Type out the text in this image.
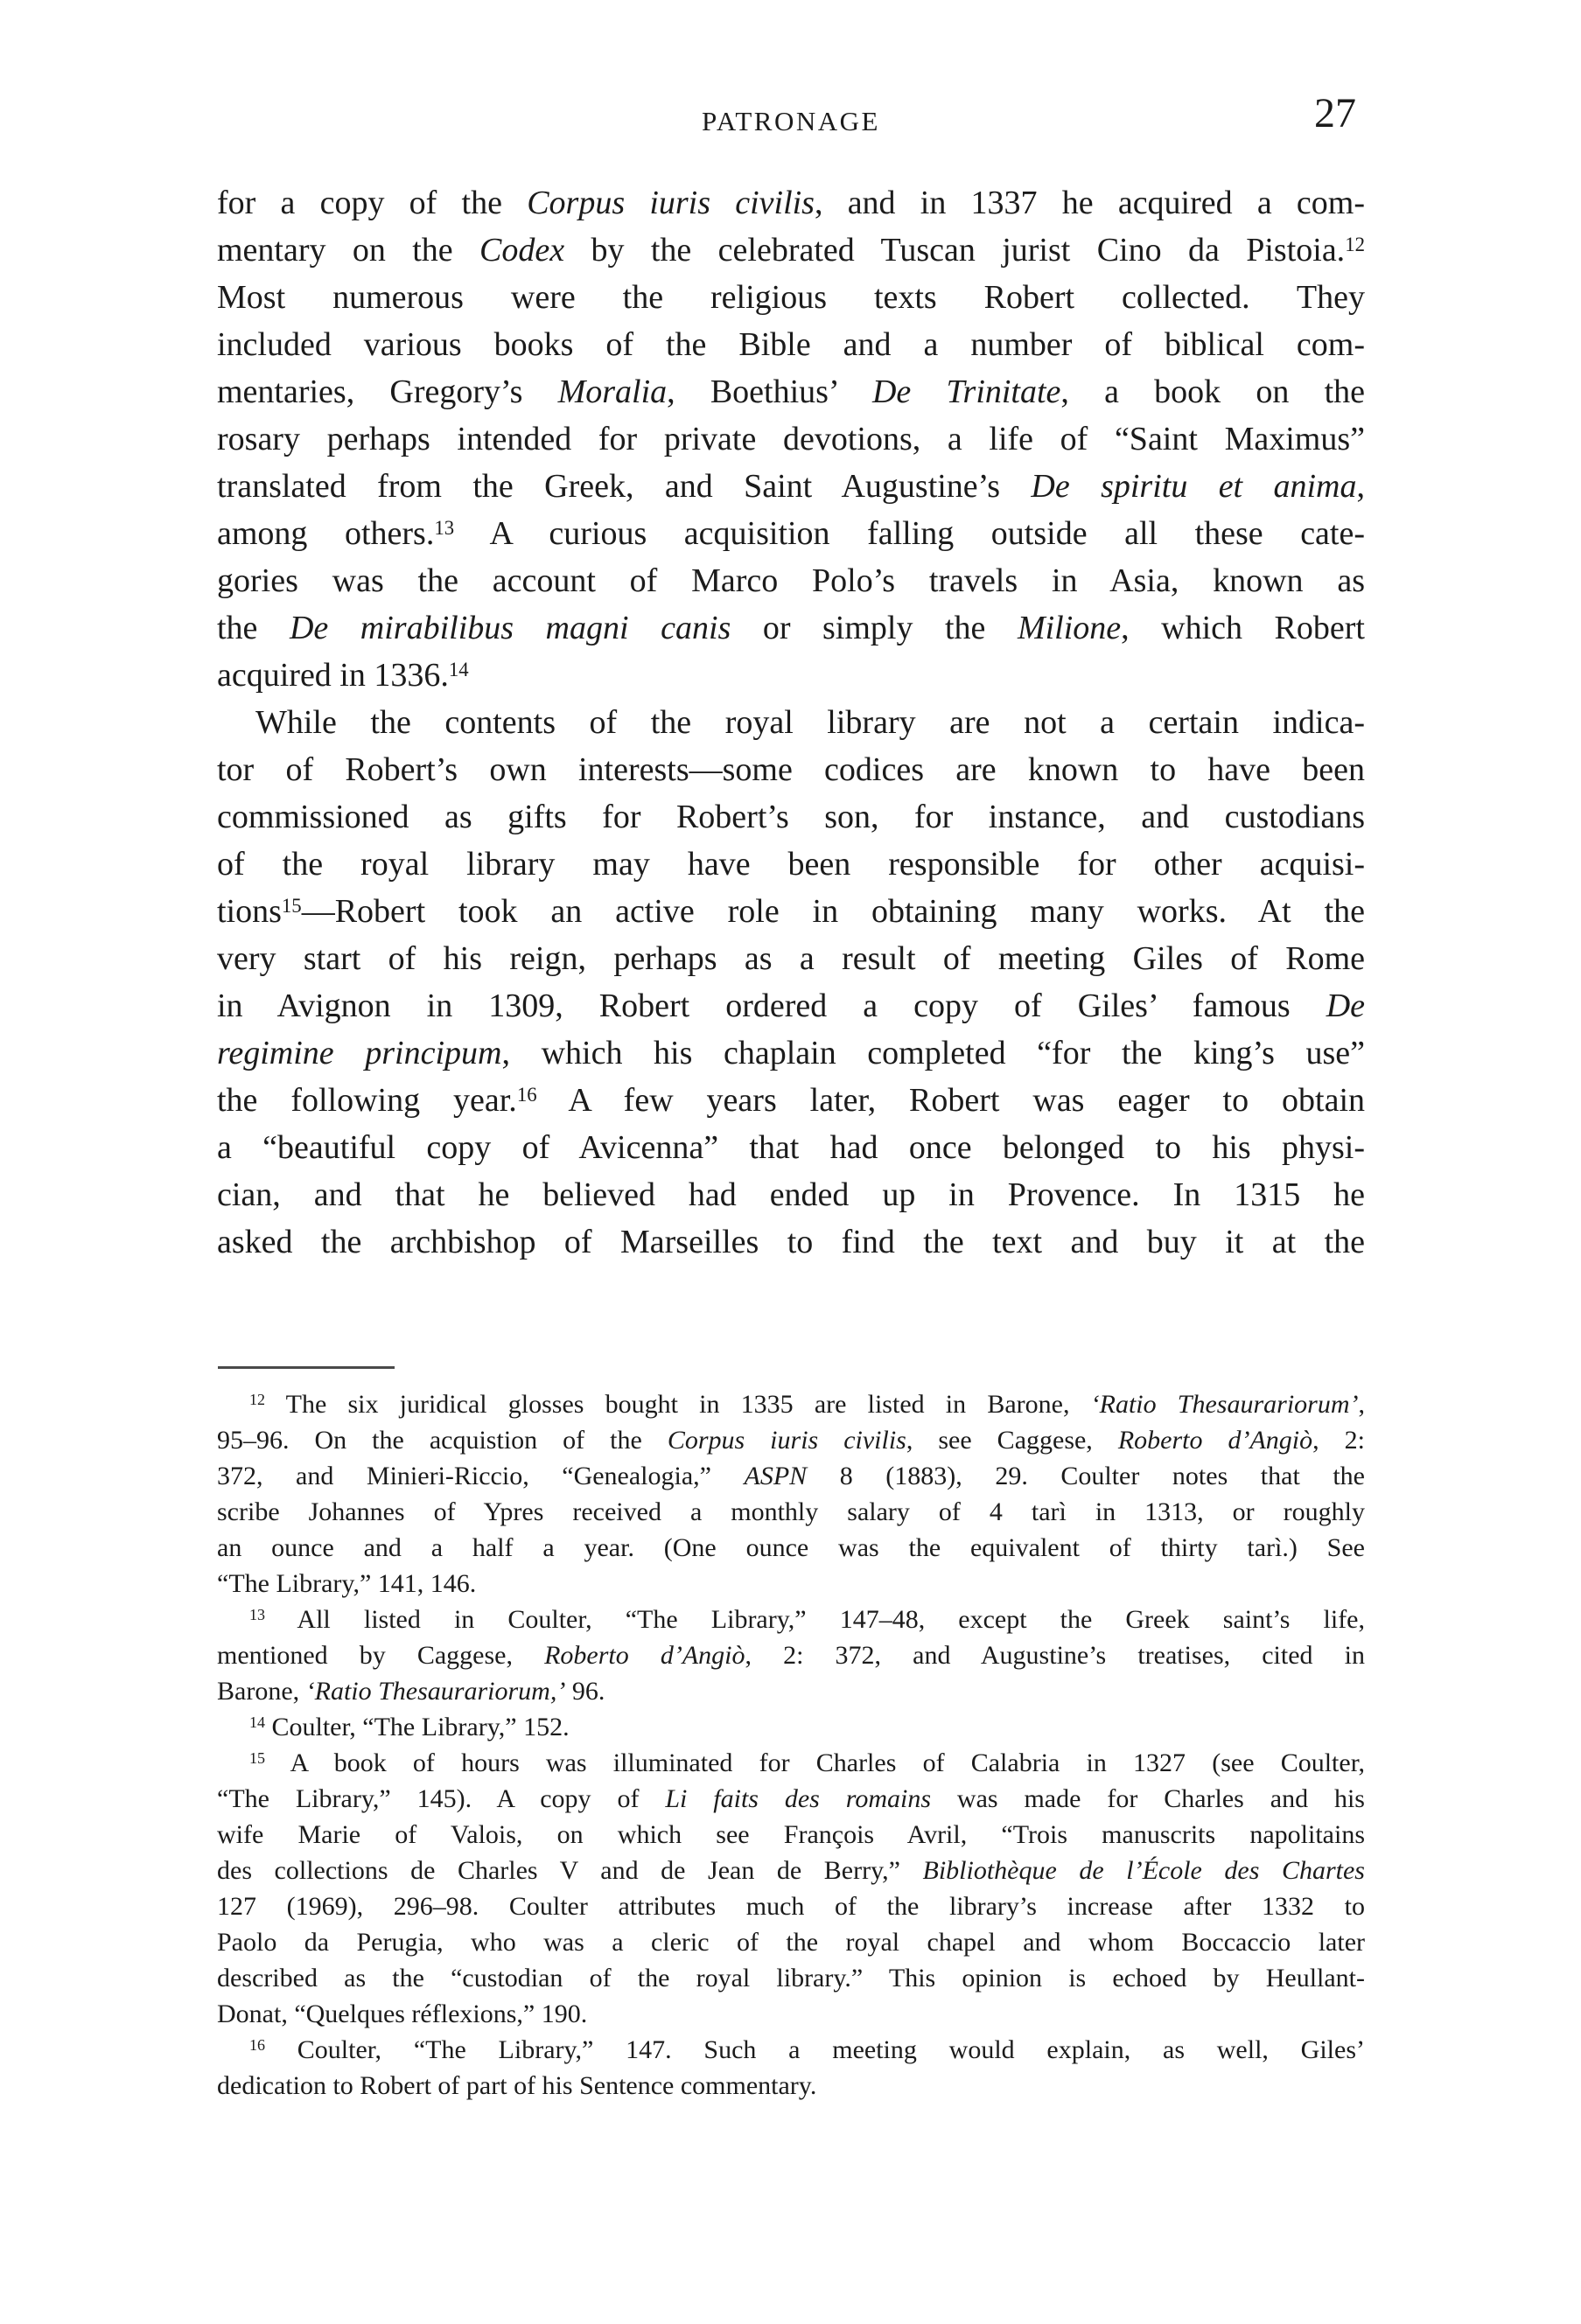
PATRONAGE	27
for a copy of the Corpus iuris civilis, and in 1337 he acquired a com-
mentary on the Codex by the celebrated Tuscan jurist Cino da Pistoia.$^{12}$
Most numerous were the religious texts Robert collected. They
included various books of the Bible and a number of biblical com-
mentaries, Gregory’s Moralia, Boethius’ De Trinitate, a book on the
rosary perhaps intended for private devotions, a life of “Saint Maximus”
translated from the Greek, and Saint Augustine’s De spiritu et anima,
among others.$^{13}$ A curious acquisition falling outside all these cate-
gories was the account of Marco Polo’s travels in Asia, known as
the De mirabilibus magni canis or simply the Milione, which Robert
acquired in 1336.14
While the contents of the royal library are not a certain indica-
tor of Robert’s own interests—some codices are known to have been
commissioned as gifts for Robert’s son, for instance, and custodians
of the royal library may have been responsible for other acquisi-
tions$^{15}$—Robert took an active role in obtaining many works. At the
very start of his reign, perhaps as a result of meeting Giles of Rome
in Avignon in 1309, Robert ordered a copy of Giles’ famous De
regimine principum, which his chaplain completed “for the king’s use”
the following year.$^{16}$ A few years later, Robert was eager to obtain
a “beautiful copy of Avicenna” that had once belonged to his physi-
cian, and that he believed had ended up in Provence. In 1315 he
asked the archbishop of Marseilles to find the text and buy it at the
$^{12}$ The six juridical glosses bought in 1335 are listed in Barone, ‘Ratio Thesaurariorum’,
95–96. On the acquistion of the Corpus iuris civilis, see Caggese, Roberto d’Angiò, 2:
372, and Minieri-Riccio, “Genealogia,” ASPN 8 (1883), 29. Coulter notes that the
scribe Johannes of Ypres received a monthly salary of 4 tarì in 1313, or roughly
an ounce and a half a year. (One ounce was the equivalent of thirty tarì.) See
“The Library,” 141, 146.
$^{13}$ All listed in Coulter, “The Library,” 147–48, except the Greek saint’s life,
mentioned by Caggese, Roberto d’Angiò, 2: 372, and Augustine’s treatises, cited in
Barone, ‘Ratio Thesaurariorum,’ 96.
$^{14}$ Coulter, “The Library,” 152.
$^{15}$ A book of hours was illuminated for Charles of Calabria in 1327 (see Coulter,
“The Library,” 145). A copy of Li faits des romains was made for Charles and his
wife Marie of Valois, on which see François Avril, “Trois manuscrits napolitains
des collections de Charles V and de Jean de Berry,” Bibliothèque de l’École des Chartes
127 (1969), 296–98. Coulter attributes much of the library’s increase after 1332 to
Paolo da Perugia, who was a cleric of the royal chapel and whom Boccaccio later
described as the “custodian of the royal library.” This opinion is echoed by Heullant-
Donat, “Quelques réflexions,” 190.
$^{16}$ Coulter, “The Library,” 147. Such a meeting would explain, as well, Giles’
dedication to Robert of part of his Sentence commentary.
